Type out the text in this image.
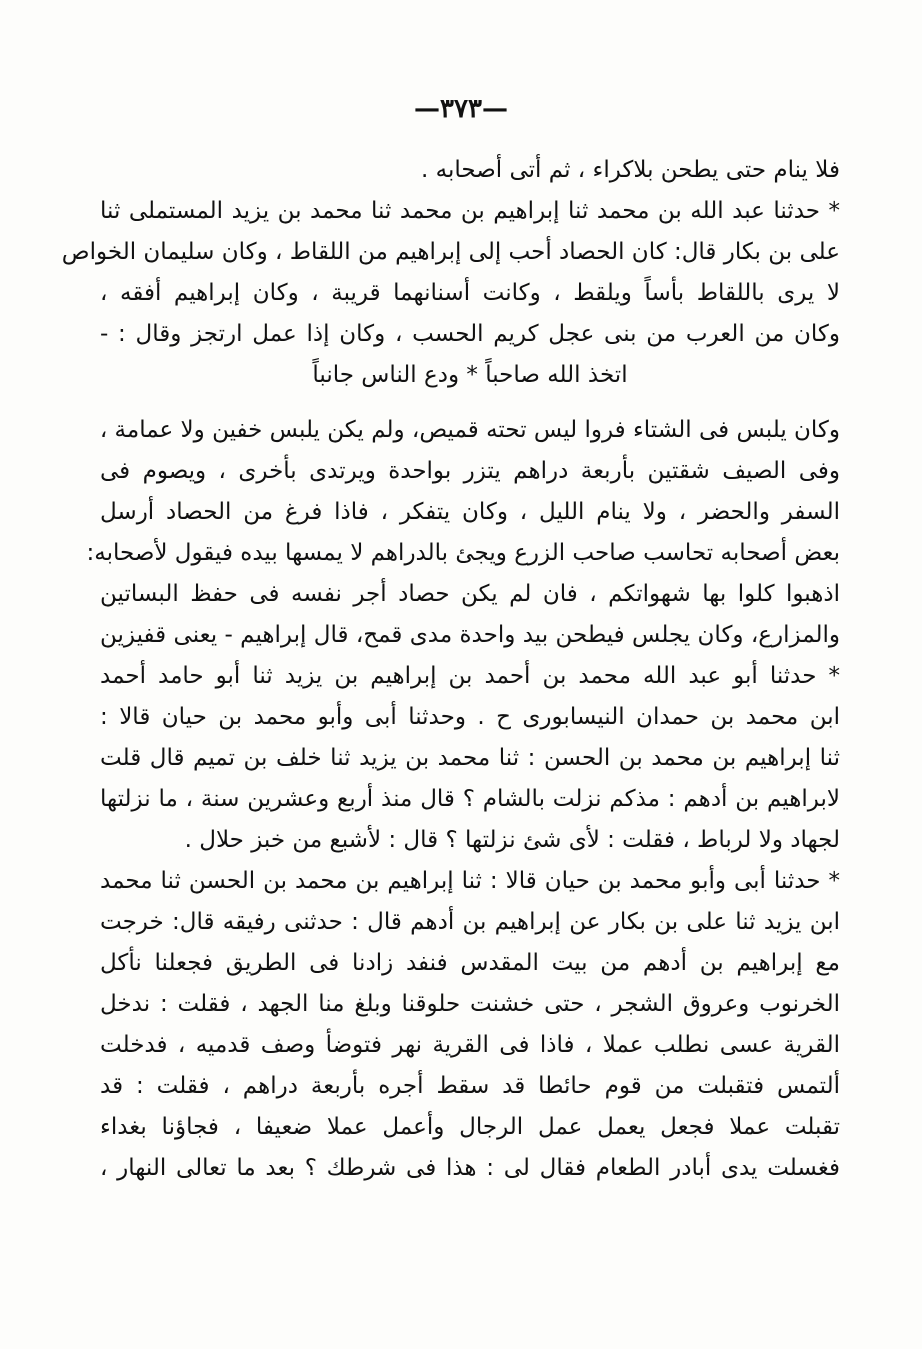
—٣٧٣—
فلا ينام حتى يطحن بلاكراء ، ثم أتى أصحابه .
* حدثنا عبد الله بن محمد ثنا إبراهيم بن محمد ثنا محمد بن يزيد المستملى ثنا
على بن بكار قال: كان الحصاد أحب إلى إبراهيم من اللقاط ، وكان سليمان الخواص
لا يرى باللقاط بأساً ويلقط ، وكانت أسنانهما قريبة ، وكان إبراهيم أفقه ،
وكان من العرب من بنى عجل كريم الحسب ، وكان إذا عمل ارتجز وقال : -
اتخذ الله صاحباً * ودع الناس جانباً
وكان يلبس فى الشتاء فروا ليس تحته قميص، ولم يكن يلبس خفين ولا عمامة ،
وفى الصيف شقتين بأربعة دراهم يتزر بواحدة ويرتدى بأخرى ، ويصوم فى
السفر والحضر ، ولا ينام الليل ، وكان يتفكر ، فاذا فرغ من الحصاد أرسل
بعض أصحابه تحاسب صاحب الزرع ويجئ بالدراهم لا يمسها بيده فيقول لأصحابه:
اذهبوا كلوا بها شهواتكم ، فان لم يكن حصاد أجر نفسه فى حفظ البساتين
والمزارع، وكان يجلس فيطحن بيد واحدة مدى قمح، قال إبراهيم - يعنى قفيزين
* حدثنا أبو عبد الله محمد بن أحمد بن إبراهيم بن يزيد ثنا أبو حامد أحمد
ابن محمد بن حمدان النيسابورى ح . وحدثنا أبى وأبو محمد بن حيان قالا :
ثنا إبراهيم بن محمد بن الحسن : ثنا محمد بن يزيد ثنا خلف بن تميم قال قلت
لابراهيم بن أدهم : مذكم نزلت بالشام ؟ قال منذ أربع وعشرين سنة ، ما نزلتها
لجهاد ولا لرباط ، فقلت : لأى شئ نزلتها ؟ قال : لأشبع من خبز حلال .
* حدثنا أبى وأبو محمد بن حيان قالا : ثنا إبراهيم بن محمد بن الحسن ثنا محمد
ابن يزيد ثنا على بن بكار عن إبراهيم بن أدهم قال : حدثنى رفيقه قال: خرجت
مع إبراهيم بن أدهم من بيت المقدس فنفد زادنا فى الطريق فجعلنا نأكل
الخرنوب وعروق الشجر ، حتى خشنت حلوقنا وبلغ منا الجهد ، فقلت : ندخل
القرية عسى نطلب عملا ، فاذا فى القرية نهر فتوضأ وصف قدميه ، فدخلت
ألتمس فتقبلت من قوم حائطا قد سقط أجره بأربعة دراهم ، فقلت : قد
تقبلت عملا فجعل يعمل عمل الرجال وأعمل عملا ضعيفا ، فجاؤنا بغداء
فغسلت يدى أبادر الطعام فقال لى : هذا فى شرطك ؟ بعد ما تعالى النهار ،
